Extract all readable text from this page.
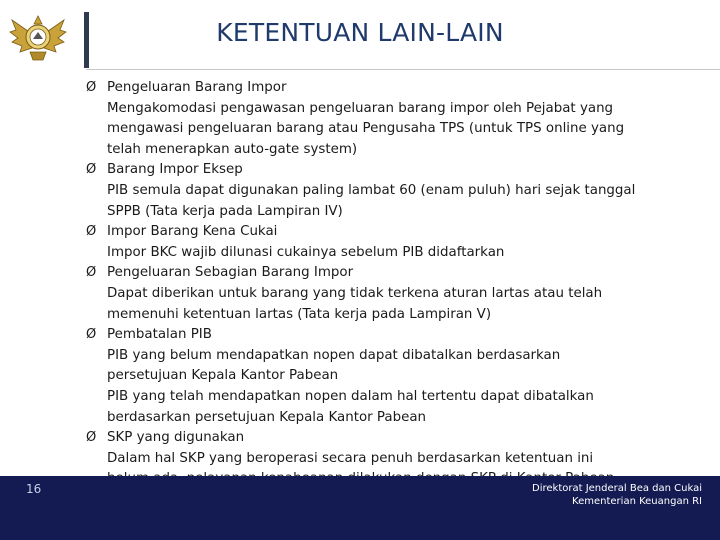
KETENTUAN LAIN-LAIN
Ø Pengeluaran Barang Impor
Mengakomodasi pengawasan pengeluaran barang impor oleh Pejabat yang
mengawasi pengeluaran barang atau Pengusaha TPS (untuk TPS online yang
telah menerapkan auto-gate system)
Ø Barang Impor Eksep
PIB semula dapat digunakan paling lambat 60 (enam puluh) hari sejak tanggal
SPPB (Tata kerja pada Lampiran IV)
Ø Impor Barang Kena Cukai
Impor BKC wajib dilunasi cukainya sebelum PIB didaftarkan
Ø Pengeluaran Sebagian Barang Impor
Dapat diberikan untuk barang yang tidak terkena aturan lartas atau telah
memenuhi ketentuan lartas (Tata kerja pada Lampiran V)
Ø Pembatalan PIB
PIB yang belum mendapatkan nopen dapat dibatalkan berdasarkan
persetujuan Kepala Kantor Pabean
PIB yang telah mendapatkan nopen dalam hal tertentu dapat dibatalkan
berdasarkan persetujuan Kepala Kantor Pabean
Ø SKP yang digunakan
Dalam hal SKP yang beroperasi secara penuh berdasarkan ketentuan ini
16	Direktorat Jenderal Bea dan Cukai
Kementerian Keuangan RI
